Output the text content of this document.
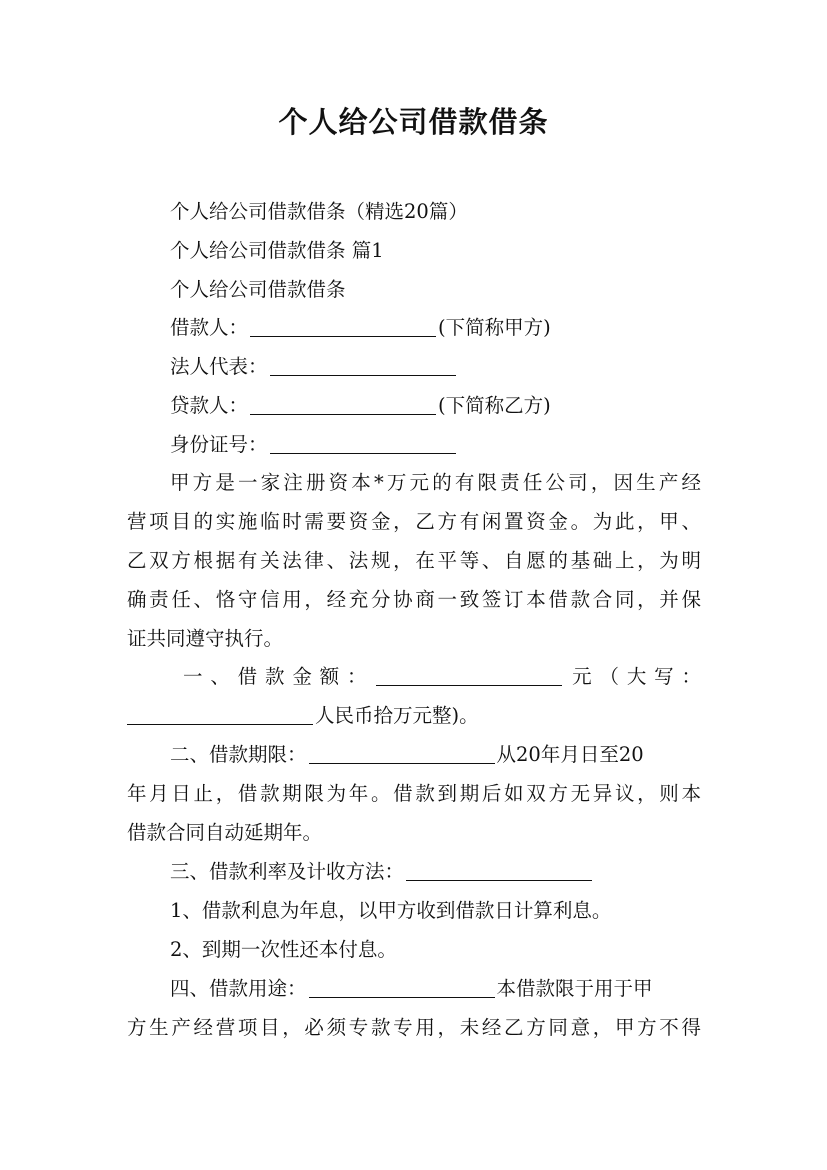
个人给公司借款借条
个人给公司借款借条（精选20篇）
个人给公司借款借条 篇1
个人给公司借款借条
借款人：	(下简称甲方)
法人代表：
贷款人：	(下简称乙方)
身份证号：
甲方是一家注册资本*万元的有限责任公司，因生产经
营项目的实施临时需要资金，乙方有闲置资金。为此，甲、
乙双方根据有关法律、法规，在平等、自愿的基础上，为明
确责任、恪守信用，经充分协商一致签订本借款合同，并保
证共同遵守执行。
一、借款金额：	元（大写：
人民币拾万元整)。
二、借款期限：	从20年月日至20
年月日止，借款期限为年。借款到期后如双方无异议，则本
借款合同自动延期年。
三、借款利率及计收方法：
1、借款利息为年息，以甲方收到借款日计算利息。
2、到期一次性还本付息。
四、借款用途：	本借款限于用于甲
方生产经营项目，必须专款专用，未经乙方同意，甲方不得
